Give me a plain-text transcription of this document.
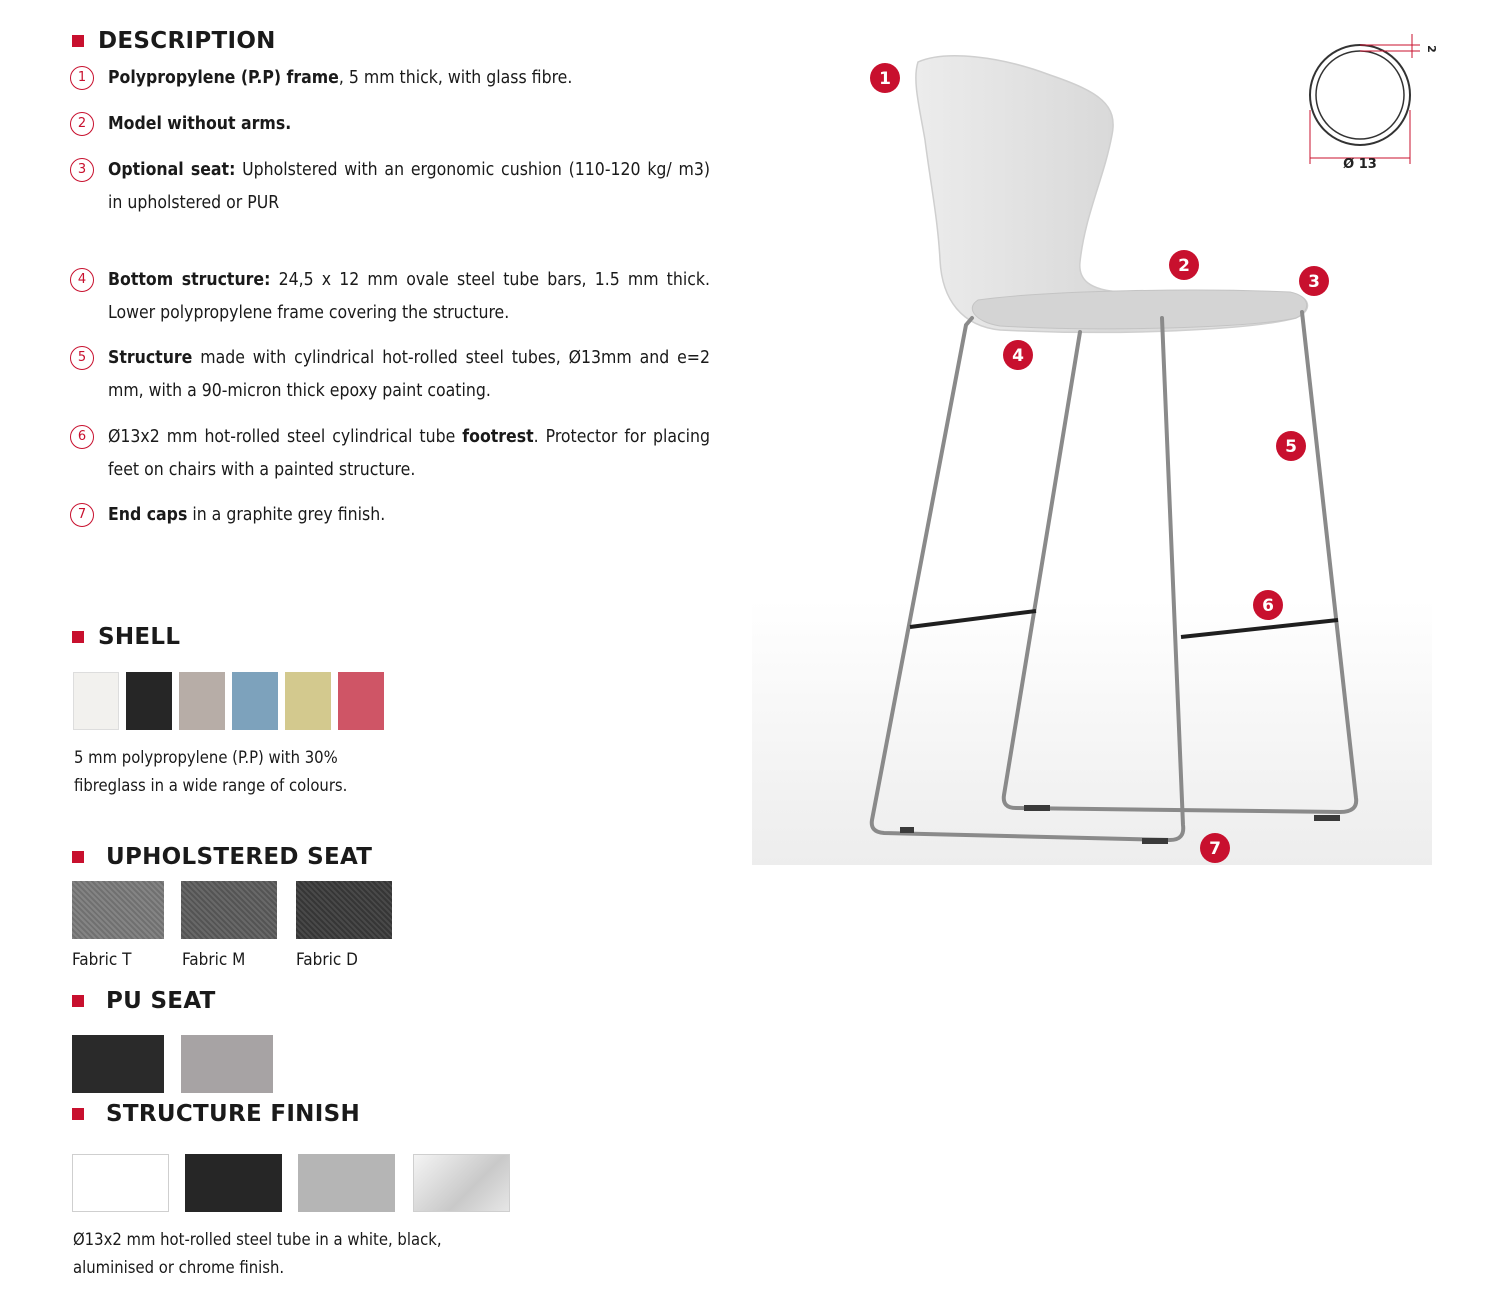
DESCRIPTION
1	Polypropylene (P.P) frame, 5 mm thick, with glass fibre.
2	Model without arms.
3	Optional seat: Upholstered with an ergonomic cushion (110-120 kg/ m3) in upholstered or PUR
4	Bottom structure: 24,5 x 12 mm ovale steel tube bars, 1.5 mm thick. Lower polypropylene frame covering the structure.
5	Structure made with cylindrical hot-rolled steel tubes, Ø13mm and e=2 mm, with a 90-micron thick epoxy paint coating.
6	Ø13x2 mm hot-rolled steel cylindrical tube footrest. Protector for placing feet on chairs with a painted structure.
7	End caps in a graphite grey finish.
SHELL
5 mm polypropylene (P.P) with 30%
fibreglass in a wide range of colours.
UPHOLSTERED SEAT
Fabric T	Fabric M	Fabric D
PU SEAT
STRUCTURE FINISH
Ø13x2 mm hot-rolled steel tube in a white, black,
aluminised or chrome finish.
1
2
3
4
5
6
7
Ø 13
2
